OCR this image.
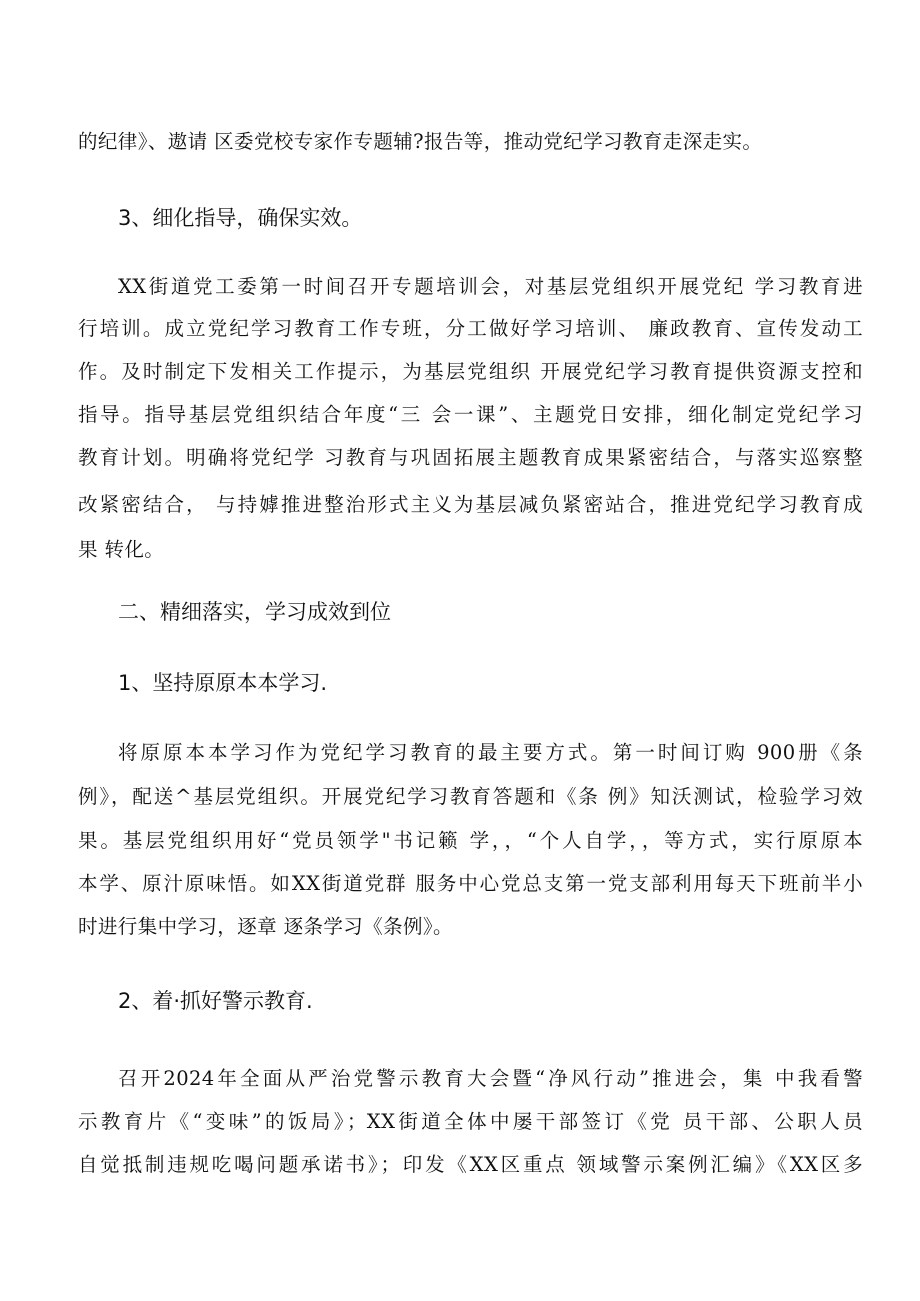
的纪律》、遨请 区委党校专家作专题辅?报告等，推动党纪学习教育走深走实。
3、细化指导，确保实效。
XX街道党工委第一时间召开专题培训会，对基层党组织开展党纪 学习教育进
行培训。成立党纪学习教育工作专班，分工做好学习培训、 廉政教育、宣传发动工
作。及时制定下发相关工作提示，为基层党组织 开展党纪学习教育提供资源支控和
指导。指导基层党组织结合年度“三 会一课”、主题党日安排，细化制定党纪学习
教育计划。明确将党纪学 习教育与巩固拓展主题教育成果紧密结合，与落实巡察整
改紧密结合， 与持嫭推进整治形式主义为基层减负紧密站合，推进党纪学习教育成
果 转化。
二、精细落实，学习成效到位
1、坚持原原本本学习.
将原原本本学习作为党纪学习教育的最主要方式。第一时间订购 900册《条
例》，配送^基层党组织。开展党纪学习教育答题和《条 例》知沃测试，检验学习效
果。基层党组织用好“党员领学"书记籁 学，，“个人自学，，等方式，实行原原本
本学、原汁原味悟。如XX街道党群 服务中心党总支第一党支部利用每天下班前半小
时进行集中学习，逐章 逐条学习《条例》。
2、着·抓好警示教育.
召开2024年全面从严治党警示教育大会暨“净风行动”推进会，集 中我看警
示教育片《“变味”的饭局》；XX街道全体中屡干部签订《党 员干部、公职人员
自觉抵制违规吃喝问题承诺书》；印发《XX区重点 领域警示案例汇编》《XX区多
